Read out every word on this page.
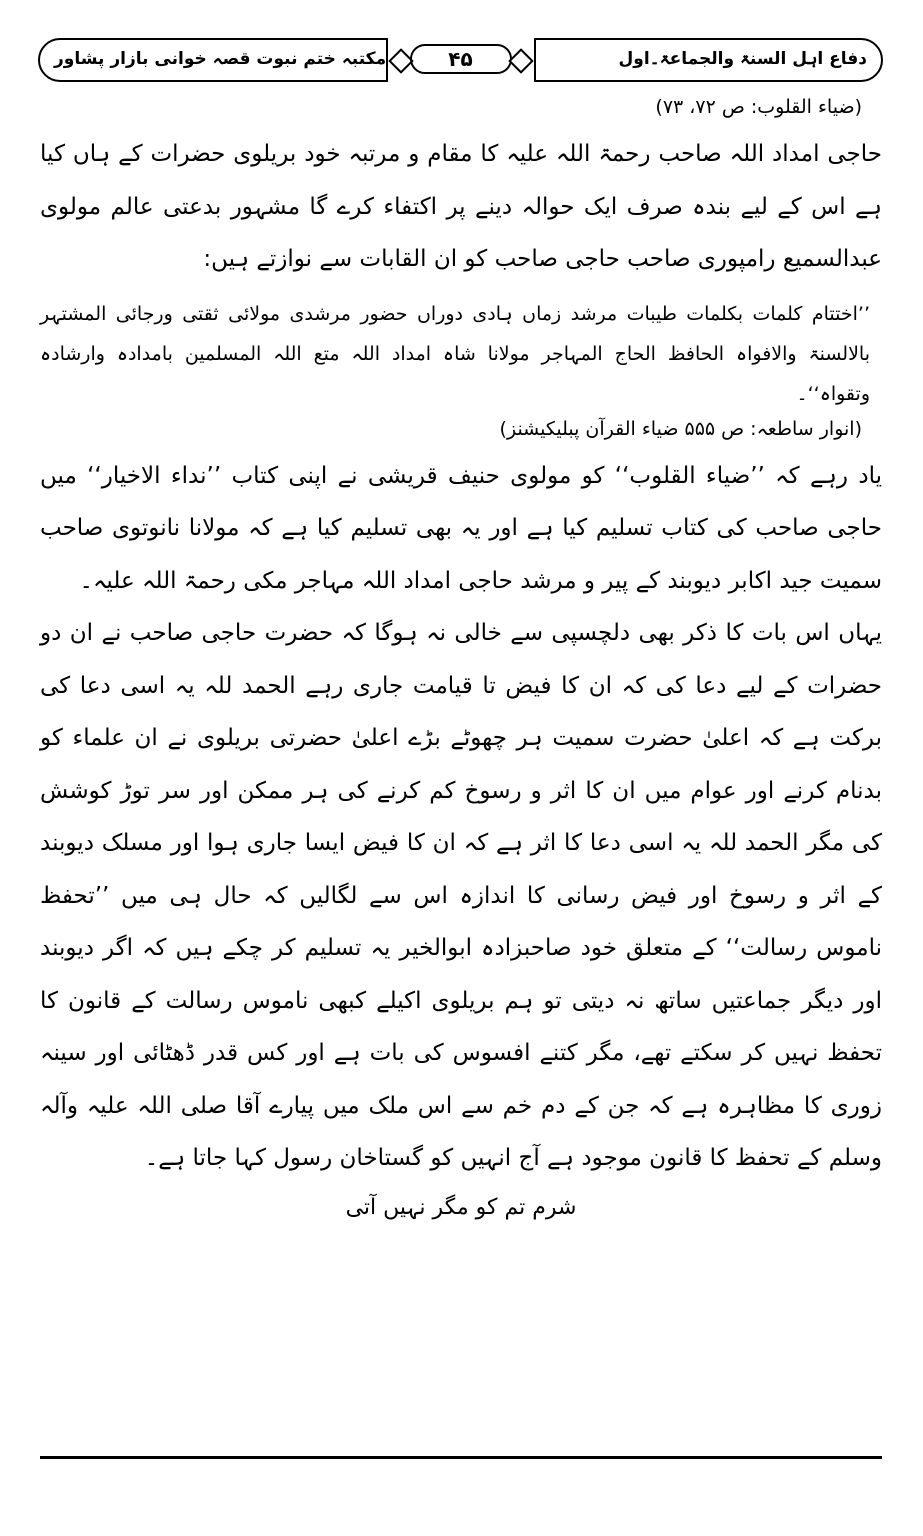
دفاع اہل السنۃ والجماعۃ۔اول
۴۵
مکتبہ ختم نبوت قصہ خوانی بازار پشاور
(ضیاء القلوب: ص ۷۲، ۷۳)

حاجی امداد اللہ صاحب رحمۃ اللہ علیہ کا مقام و مرتبہ خود بریلوی حضرات کے ہاں کیا ہے اس کے لیے بندہ صرف ایک حوالہ دینے پر اکتفاء کرے گا مشہور بدعتی عالم مولوی عبدالسمیع رامپوری صاحب حاجی صاحب کو ان القابات سے نوازتے ہیں:

’’اختتام کلمات بکلمات طیبات مرشد زماں ہادی دوراں حضور مرشدی مولائی ثقتی ورجائی المشتہر بالالسنۃ والافواہ الحافظ الحاج المہاجر مولانا شاہ امداد اللہ متع اللہ المسلمین بامدادہ وارشادہ وتقواہ‘‘۔

(انوار ساطعہ: ص ۵۵۵ ضیاء القرآن پبلیکیشنز)

یاد رہے کہ ’’ضیاء القلوب‘‘ کو مولوی حنیف قریشی نے اپنی کتاب ’’نداء الاخیار‘‘ میں حاجی صاحب کی کتاب تسلیم کیا ہے اور یہ بھی تسلیم کیا ہے کہ مولانا نانوتوی صاحب سمیت جید اکابر دیوبند کے پیر و مرشد حاجی امداد اللہ مہاجر مکی رحمۃ اللہ علیہ۔

یہاں اس بات کا ذکر بھی دلچسپی سے خالی نہ ہوگا کہ حضرت حاجی صاحب نے ان دو حضرات کے لیے دعا کی کہ ان کا فیض تا قیامت جاری رہے الحمد للہ یہ اسی دعا کی برکت ہے کہ اعلیٰ حضرت سمیت ہر چھوٹے بڑے اعلیٰ حضرتی بریلوی نے ان علماء کو بدنام کرنے اور عوام میں ان کا اثر و رسوخ کم کرنے کی ہر ممکن اور سر توڑ کوشش کی مگر الحمد للہ یہ اسی دعا کا اثر ہے کہ ان کا فیض ایسا جاری ہوا اور مسلک دیوبند کے اثر و رسوخ اور فیض رسانی کا اندازہ اس سے لگالیں کہ حال ہی میں ’’تحفظ ناموس رسالت‘‘ کے متعلق خود صاحبزادہ ابوالخیر یہ تسلیم کر چکے ہیں کہ اگر دیوبند اور دیگر جماعتیں ساتھ نہ دیتی تو ہم بریلوی اکیلے کبھی ناموس رسالت کے قانون کا تحفظ نہیں کر سکتے تھے، مگر کتنے افسوس کی بات ہے اور کس قدر ڈھٹائی اور سینہ زوری کا مظاہرہ ہے کہ جن کے دم خم سے اس ملک میں پیارے آقا صلی اللہ علیہ وآلہ وسلم کے تحفظ کا قانون موجود ہے آج انہیں کو گستاخان رسول کہا جاتا ہے۔

شرم تم کو مگر نہیں آتی
